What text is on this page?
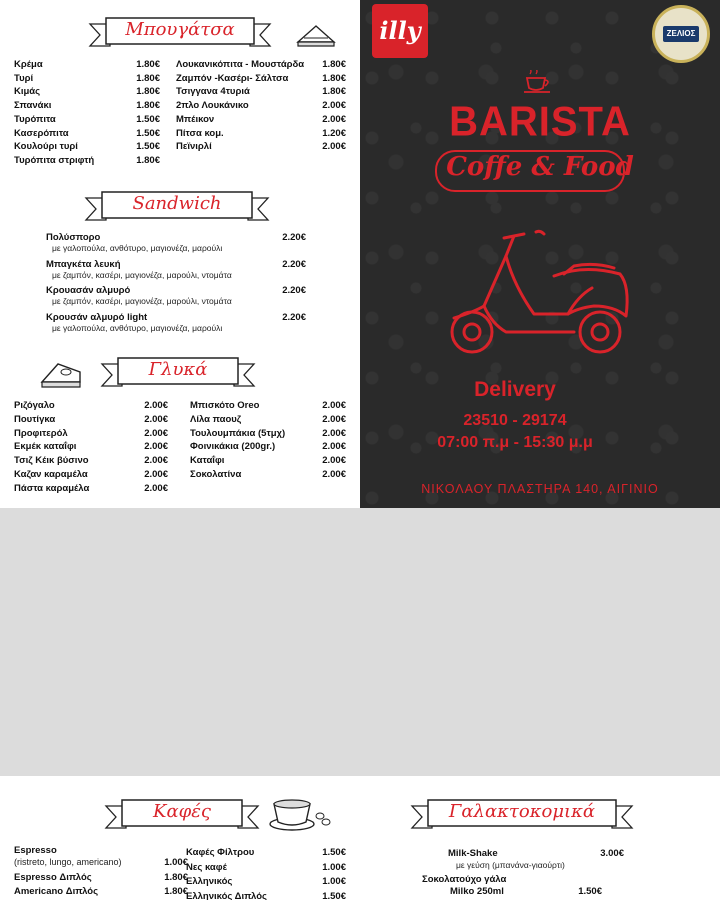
Μπουγάτσα
Κρέμα	1.80€
Τυρί	1.80€
Κιμάς	1.80€
Σπανάκι	1.80€
Τυρόπιτα	1.50€
Κασερόπιτα	1.50€
Κουλούρι τυρί	1.50€
Τυρόπιτα στριφτή	1.80€
Λουκανικόπιτα - Μουστάρδα	1.80€
Ζαμπόν -Κασέρι- Σάλτσα	1.80€
Τσιγγανα 4τυριά	1.80€
2πλο Λουκάνικο	2.00€
Μπέικον	2.00€
Πίτσα κομ.	1.20€
Πεϊνιρλί	2.00€
Sandwich
Πολύσπορο	2.20€
με γαλοπούλα, ανθότυρο, μαγιονέζα, μαρούλι
Μπαγκέτα λευκή	2.20€
με ζαμπόν, κασέρι, μαγιονέζα, μαρούλι, ντομάτα
Κρουασάν αλμυρό	2.20€
με ζαμπόν, κασέρι, μαγιονέζα, μαρούλι, ντομάτα
Κρουσάν αλμυρό light	2.20€
με γαλοπούλα, ανθότυρο, μαγιονέζα, μαρούλι
Γλυκά
Ριζόγαλο	2.00€
Πουτίγκα	2.00€
Προφιτερόλ	2.00€
Εκμέκ καταΐφι	2.00€
Τσιζ Κέικ βύσινο	2.00€
Καζαν καραμέλα	2.00€
Πάστα καραμέλα	2.00€
Μπισκότο Oreo	2.00€
Λίλα παουζ	2.00€
Τουλουμπάκια (5τμχ)	2.00€
Φοινικάκια (200gr.)	2.00€
Καταΐφι	2.00€
Σοκολατίνα	2.00€
illy	ΖΕΛΙΟΣ
BARISTA
Coffe & Food
Delivery
23510 - 29174
07:00 π.μ - 15:30 μ.μ
ΝΙΚΟΛΑΟΥ ΠΛΑΣΤΗΡΑ 140, ΑΙΓΙΝΙΟ
Καφές
Espresso
(ristreto, lungo, americano)	1.00€
Espresso Διπλός	1.80€
Americano Διπλός	1.80€
Καφές Φίλτρου	1.50€
Νες καφέ	1.00€
Ελληνικός	1.00€
Ελληνικός Διπλός	1.50€
Γαλακτοκομικά
Milk-Shake	3.00€
με γεύση (μπανάνα-γιαούρτι)
Σοκολατούχο γάλα
Milko 250ml	1.50€
